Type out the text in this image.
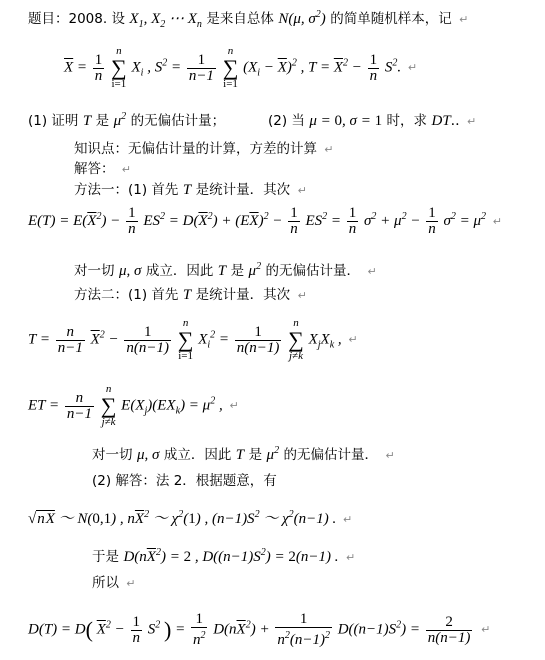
题目：2008. 设 $X_1$, $X_2$ ⋯ $X_n$ 是来自总体 N(μ, $\sigma^2$) 的简单随机样本，记 ↵
$\overline{X} = \frac{1}{n}$
n
∑
i=1 $X_i$ , $S^2 = \frac{1}{n-1}$
n
∑
i=1 $(X_i - \overline{X})^2$ , $T = \overline{X}^2 - \frac{1}{n} S^2$. ↵
(1) 证明 T 是 $\mu^2$ 的无偏估计量；	(2) 当 μ = 0, σ = 1 时，求 DT.. ↵
知识点：无偏估计量的计算，方差的计算 ↵
解答： ↵
方法一：(1) 首先 T 是统计量．其次 ↵
$E(T) = E(\overline{X}^2) - \frac{1}{n} ES^2 = D(\overline{X}^2) + (E\overline{X})^2 - \frac{1}{n} ES^2 = \frac{1}{n} \sigma^2 + \mu^2 - \frac{1}{n} \sigma^2 = \mu^2$ ↵
对一切 μ, σ 成立．因此 T 是 $\mu^2$ 的无偏估计量． ↵
方法二：(1) 首先 T 是统计量．其次 ↵
$T = \frac{n}{n-1} \overline{X}^2 - \frac{1}{n(n-1)}$
n
∑
i=1 $X_i^2 = \frac{1}{n(n-1)}$
n
∑
j≠k $X_jX_k$ , ↵
ET = $\frac{n}{n-1}$
n
∑
j≠k $E(X_j)(EX_k) = \mu^2$ , ↵
对一切 μ, σ 成立．因此 T 是 $\mu^2$ 的无偏估计量． ↵
(2) 解答：法 2．根据题意，有
$√n\overline{X}$ ～ N(0,1) , $n\overline{X}^2$ ～ $\chi^2(1)$ , $(n-1)S^2$ ～ $\chi^2(n-1)$ . ↵
于是 $D(n\overline{X}^2) = 2$ , $D((n-1)S^2) = 2(n-1)$ . ↵
所以 ↵
D(T) = D( $\overline{X}^2 - \frac{1}{n} S^2$ ) = $\frac{1}{n^2} D(n\overline{X}^2) + \frac{1}{n^2(n-1)^2} D((n-1)S^2) = \frac{2}{n(n-1)}$ ↵
